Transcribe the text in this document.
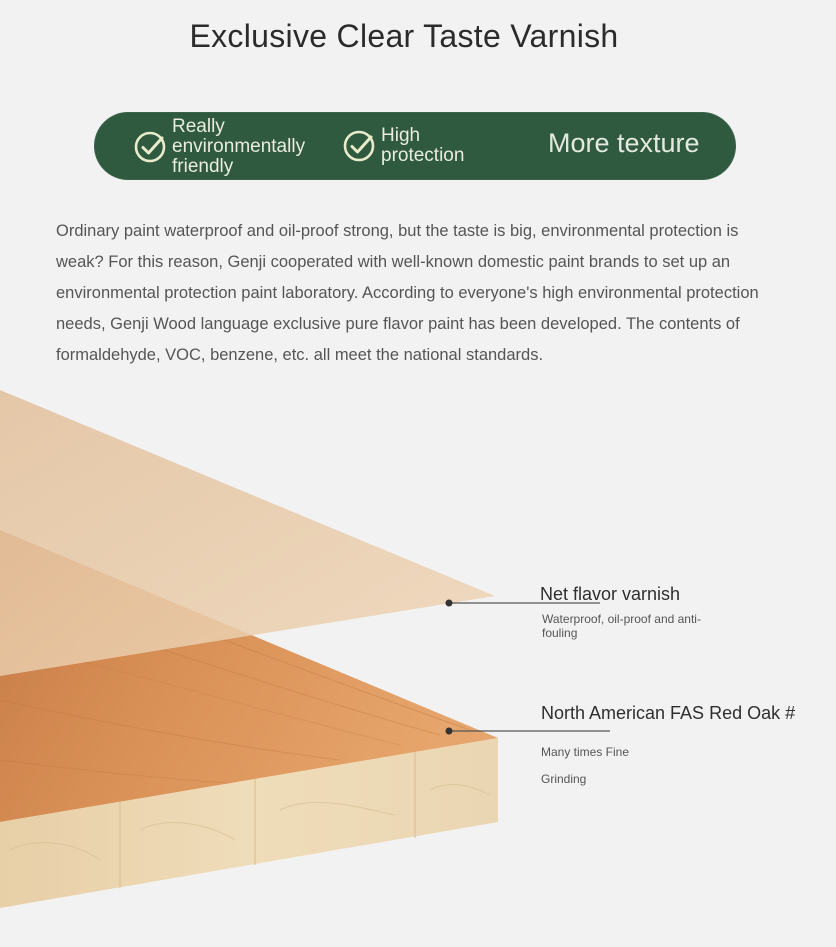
Exclusive Clear Taste Varnish
Really environmentally friendly
High protection	More texture
Ordinary paint waterproof and oil-proof strong, but the taste is big, environmental protection is weak? For this reason, Genji cooperated with well-known domestic paint brands to set up an environmental protection paint laboratory. According to everyone's high environmental protection needs, Genji Wood language exclusive pure flavor paint has been developed. The contents of formaldehyde, VOC, benzene, etc. all meet the national standards.
Net flavor varnish
Waterproof, oil-proof and anti-fouling
North American FAS Red Oak #
Many times Fine
Grinding
